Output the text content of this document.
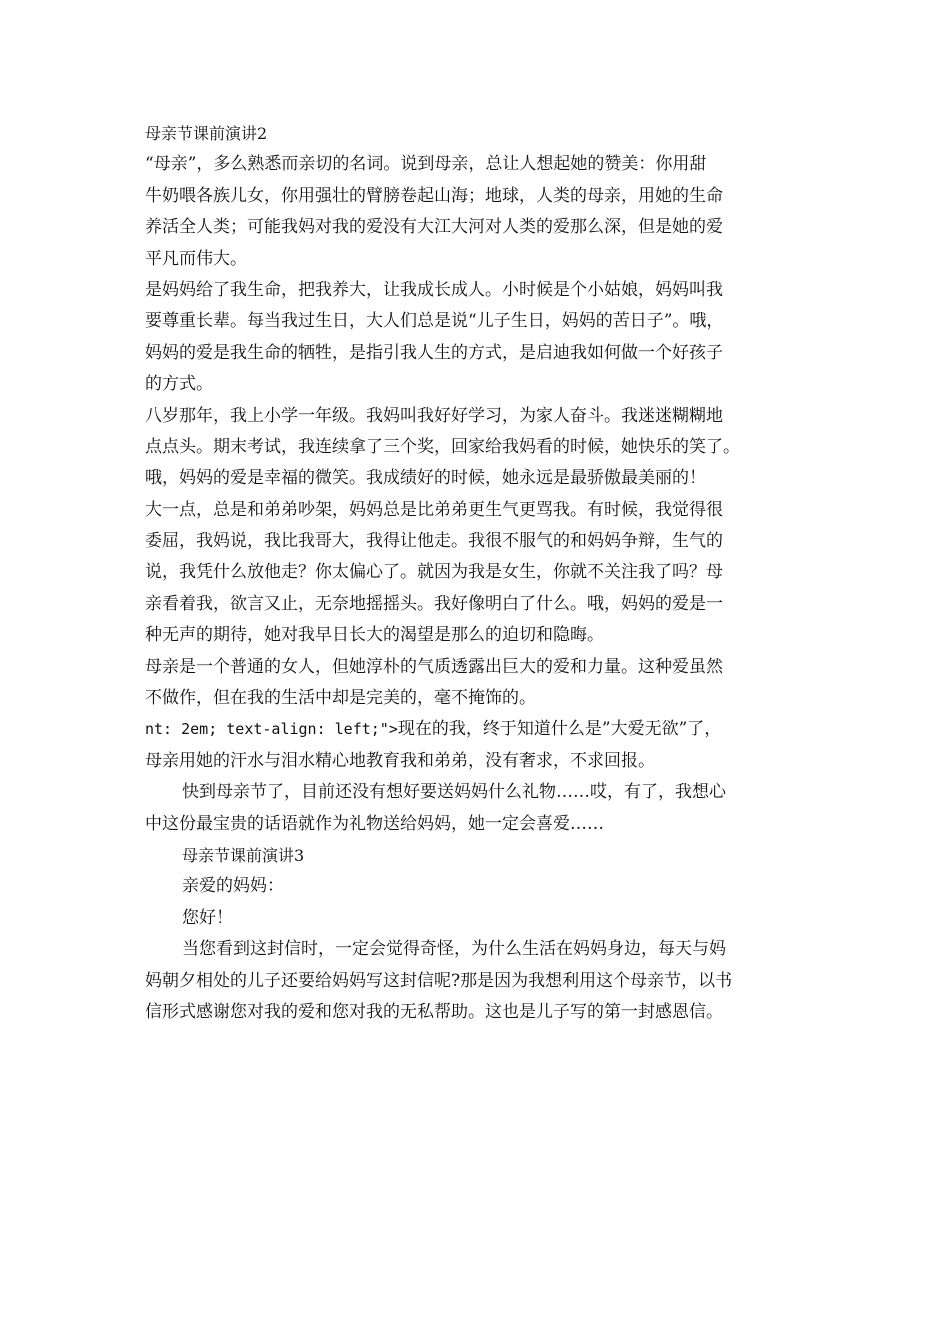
母亲节课前演讲2
“母亲”，多么熟悉而亲切的名词。说到母亲，总让人想起她的赞美：你用甜
牛奶喂各族儿女，你用强壮的臂膀卷起山海；地球，人类的母亲，用她的生命
养活全人类；可能我妈对我的爱没有大江大河对人类的爱那么深，但是她的爱
平凡而伟大。
是妈妈给了我生命，把我养大，让我成长成人。小时候是个小姑娘，妈妈叫我
要尊重长辈。每当我过生日，大人们总是说“儿子生日，妈妈的苦日子”。哦，
妈妈的爱是我生命的牺牲，是指引我人生的方式，是启迪我如何做一个好孩子
的方式。
八岁那年，我上小学一年级。我妈叫我好好学习，为家人奋斗。我迷迷糊糊地
点点头。期末考试，我连续拿了三个奖，回家给我妈看的时候，她快乐的笑了。
哦，妈妈的爱是幸福的微笑。我成绩好的时候，她永远是最骄傲最美丽的！
大一点，总是和弟弟吵架，妈妈总是比弟弟更生气更骂我。有时候，我觉得很
委屈，我妈说，我比我哥大，我得让他走。我很不服气的和妈妈争辩，生气的
说，我凭什么放他走？你太偏心了。就因为我是女生，你就不关注我了吗？母
亲看着我，欲言又止，无奈地摇摇头。我好像明白了什么。哦，妈妈的爱是一
种无声的期待，她对我早日长大的渴望是那么的迫切和隐晦。
母亲是一个普通的女人，但她淳朴的气质透露出巨大的爱和力量。这种爱虽然
不做作，但在我的生活中却是完美的，毫不掩饰的。
nt: 2em; text-align: left;">现在的我，终于知道什么是”大爱无欲”了，
母亲用她的汗水与泪水精心地教育我和弟弟，没有奢求，不求回报。
快到母亲节了，目前还没有想好要送妈妈什么礼物……哎，有了，我想心
中这份最宝贵的话语就作为礼物送给妈妈，她一定会喜爱……
母亲节课前演讲3
亲爱的妈妈：
您好！
当您看到这封信时，一定会觉得奇怪，为什么生活在妈妈身边，每天与妈
妈朝夕相处的儿子还要给妈妈写这封信呢?那是因为我想利用这个母亲节，以书
信形式感谢您对我的爱和您对我的无私帮助。这也是儿子写的第一封感恩信。
